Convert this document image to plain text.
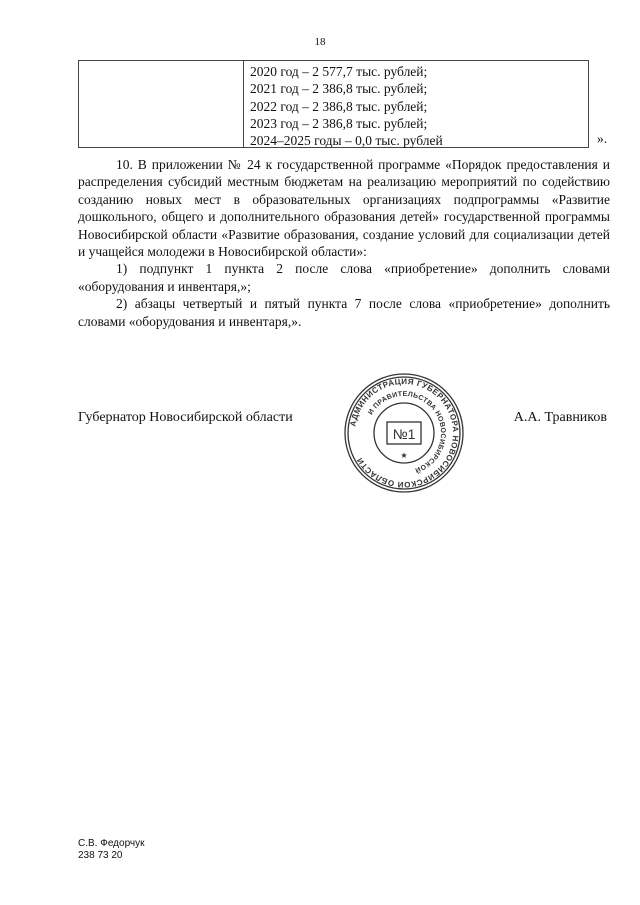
18
2020 год – 2 577,7 тыс. рублей;
2021 год – 2 386,8 тыс. рублей;
2022 год – 2 386,8 тыс. рублей;
2023 год – 2 386,8 тыс. рублей;
2024–2025 годы – 0,0 тыс. рублей	».

10. В приложении № 24 к государственной программе «Порядок предоставления и распределения субсидий местным бюджетам на реализацию мероприятий по содействию созданию новых мест в образовательных организациях подпрограммы «Развитие дошкольного, общего и дополнительного образования детей» государственной программы Новосибирской области «Развитие образования, создание условий для социализации детей и учащейся молодежи в Новосибирской области»:

1) подпункт 1 пункта 2 после слова «приобретение» дополнить словами «оборудования и инвентаря,»;

2) абзацы четвертый и пятый пункта 7 после слова «приобретение» дополнить словами «оборудования и инвентаря,».

Губернатор Новосибирской области	А.А. Травников
АДМИНИСТРАЦИЯ ГУБЕРНАТОРА НОВОСИБИРСКОЙ ОБЛАСТИ
И ПРАВИТЕЛЬСТВА НОВОСИБИРСКОЙ
№1
★
С.В. Федорчук
238 73 20
